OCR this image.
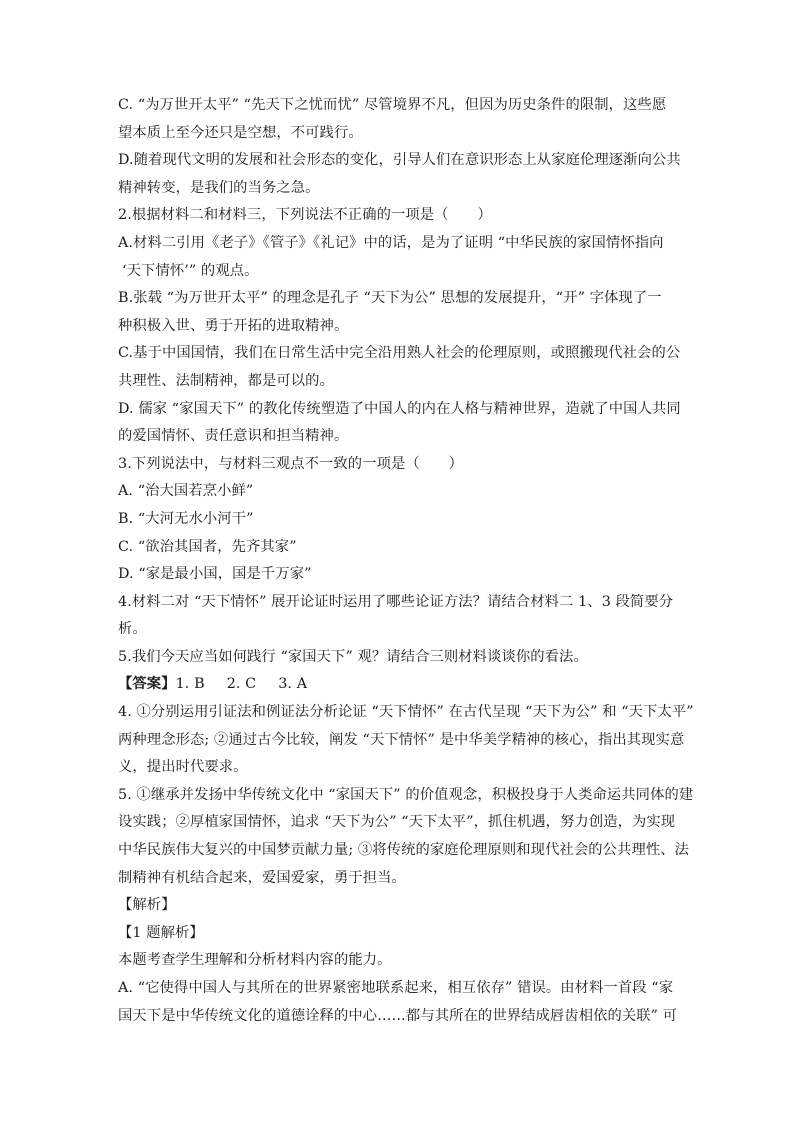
C. “为万世开太平” “先天下之忧而忧” 尽管境界不凡，但因为历史条件的限制，这些愿
望本质上至今还只是空想，不可践行。
D.随着现代文明的发展和社会形态的变化，引导人们在意识形态上从家庭伦理逐渐向公共
精神转变，是我们的当务之急。
2.根据材料二和材料三，下列说法不正确的一项是（　　）
A.材料二引用《老子》《管子》《礼记》中的话，是为了证明 “中华民族的家国情怀指向
‘天下情怀’” 的观点。
B.张载 “为万世开太平” 的理念是孔子 “天下为公” 思想的发展提升，“开” 字体现了一
种积极入世、勇于开拓的进取精神。
C.基于中国国情，我们在日常生活中完全沿用熟人社会的伦理原则，或照搬现代社会的公
共理性、法制精神，都是可以的。
D. 儒家 “家国天下” 的教化传统塑造了中国人的内在人格与精神世界，造就了中国人共同
的爱国情怀、责任意识和担当精神。
3.下列说法中，与材料三观点不一致的一项是（　　）
A. “治大国若烹小鲜”
B. “大河无水小河干”
C. “欲治其国者，先齐其家”
D. “家是最小国，国是千万家”
4.材料二对 “天下情怀” 展开论证时运用了哪些论证方法？请结合材料二 1、3 段简要分
析。
5.我们今天应当如何践行 “家国天下” 观？请结合三则材料谈谈你的看法。
【答案】1. B 2. C 3. A
4. ①分别运用引证法和例证法分析论证 “天下情怀” 在古代呈现 “天下为公” 和 “天下太平”
两种理念形态; ②通过古今比较，阐发 “天下情怀” 是中华美学精神的核心，指出其现实意
义，提出时代要求。
5. ①继承并发扬中华传统文化中 “家国天下” 的价值观念，积极投身于人类命运共同体的建
设实践；②厚植家国情怀，追求 “天下为公” “天下太平”，抓住机遇，努力创造，为实现
中华民族伟大复兴的中国梦贡献力量; ③将传统的家庭伦理原则和现代社会的公共理性、法
制精神有机结合起来，爱国爱家，勇于担当。
【解析】
【1 题解析】
本题考查学生理解和分析材料内容的能力。
A. “它使得中国人与其所在的世界紧密地联系起来，相互依存” 错误。由材料一首段 “家
国天下是中华传统文化的道德诠释的中心……都与其所在的世界结成唇齿相依的关联” 可
